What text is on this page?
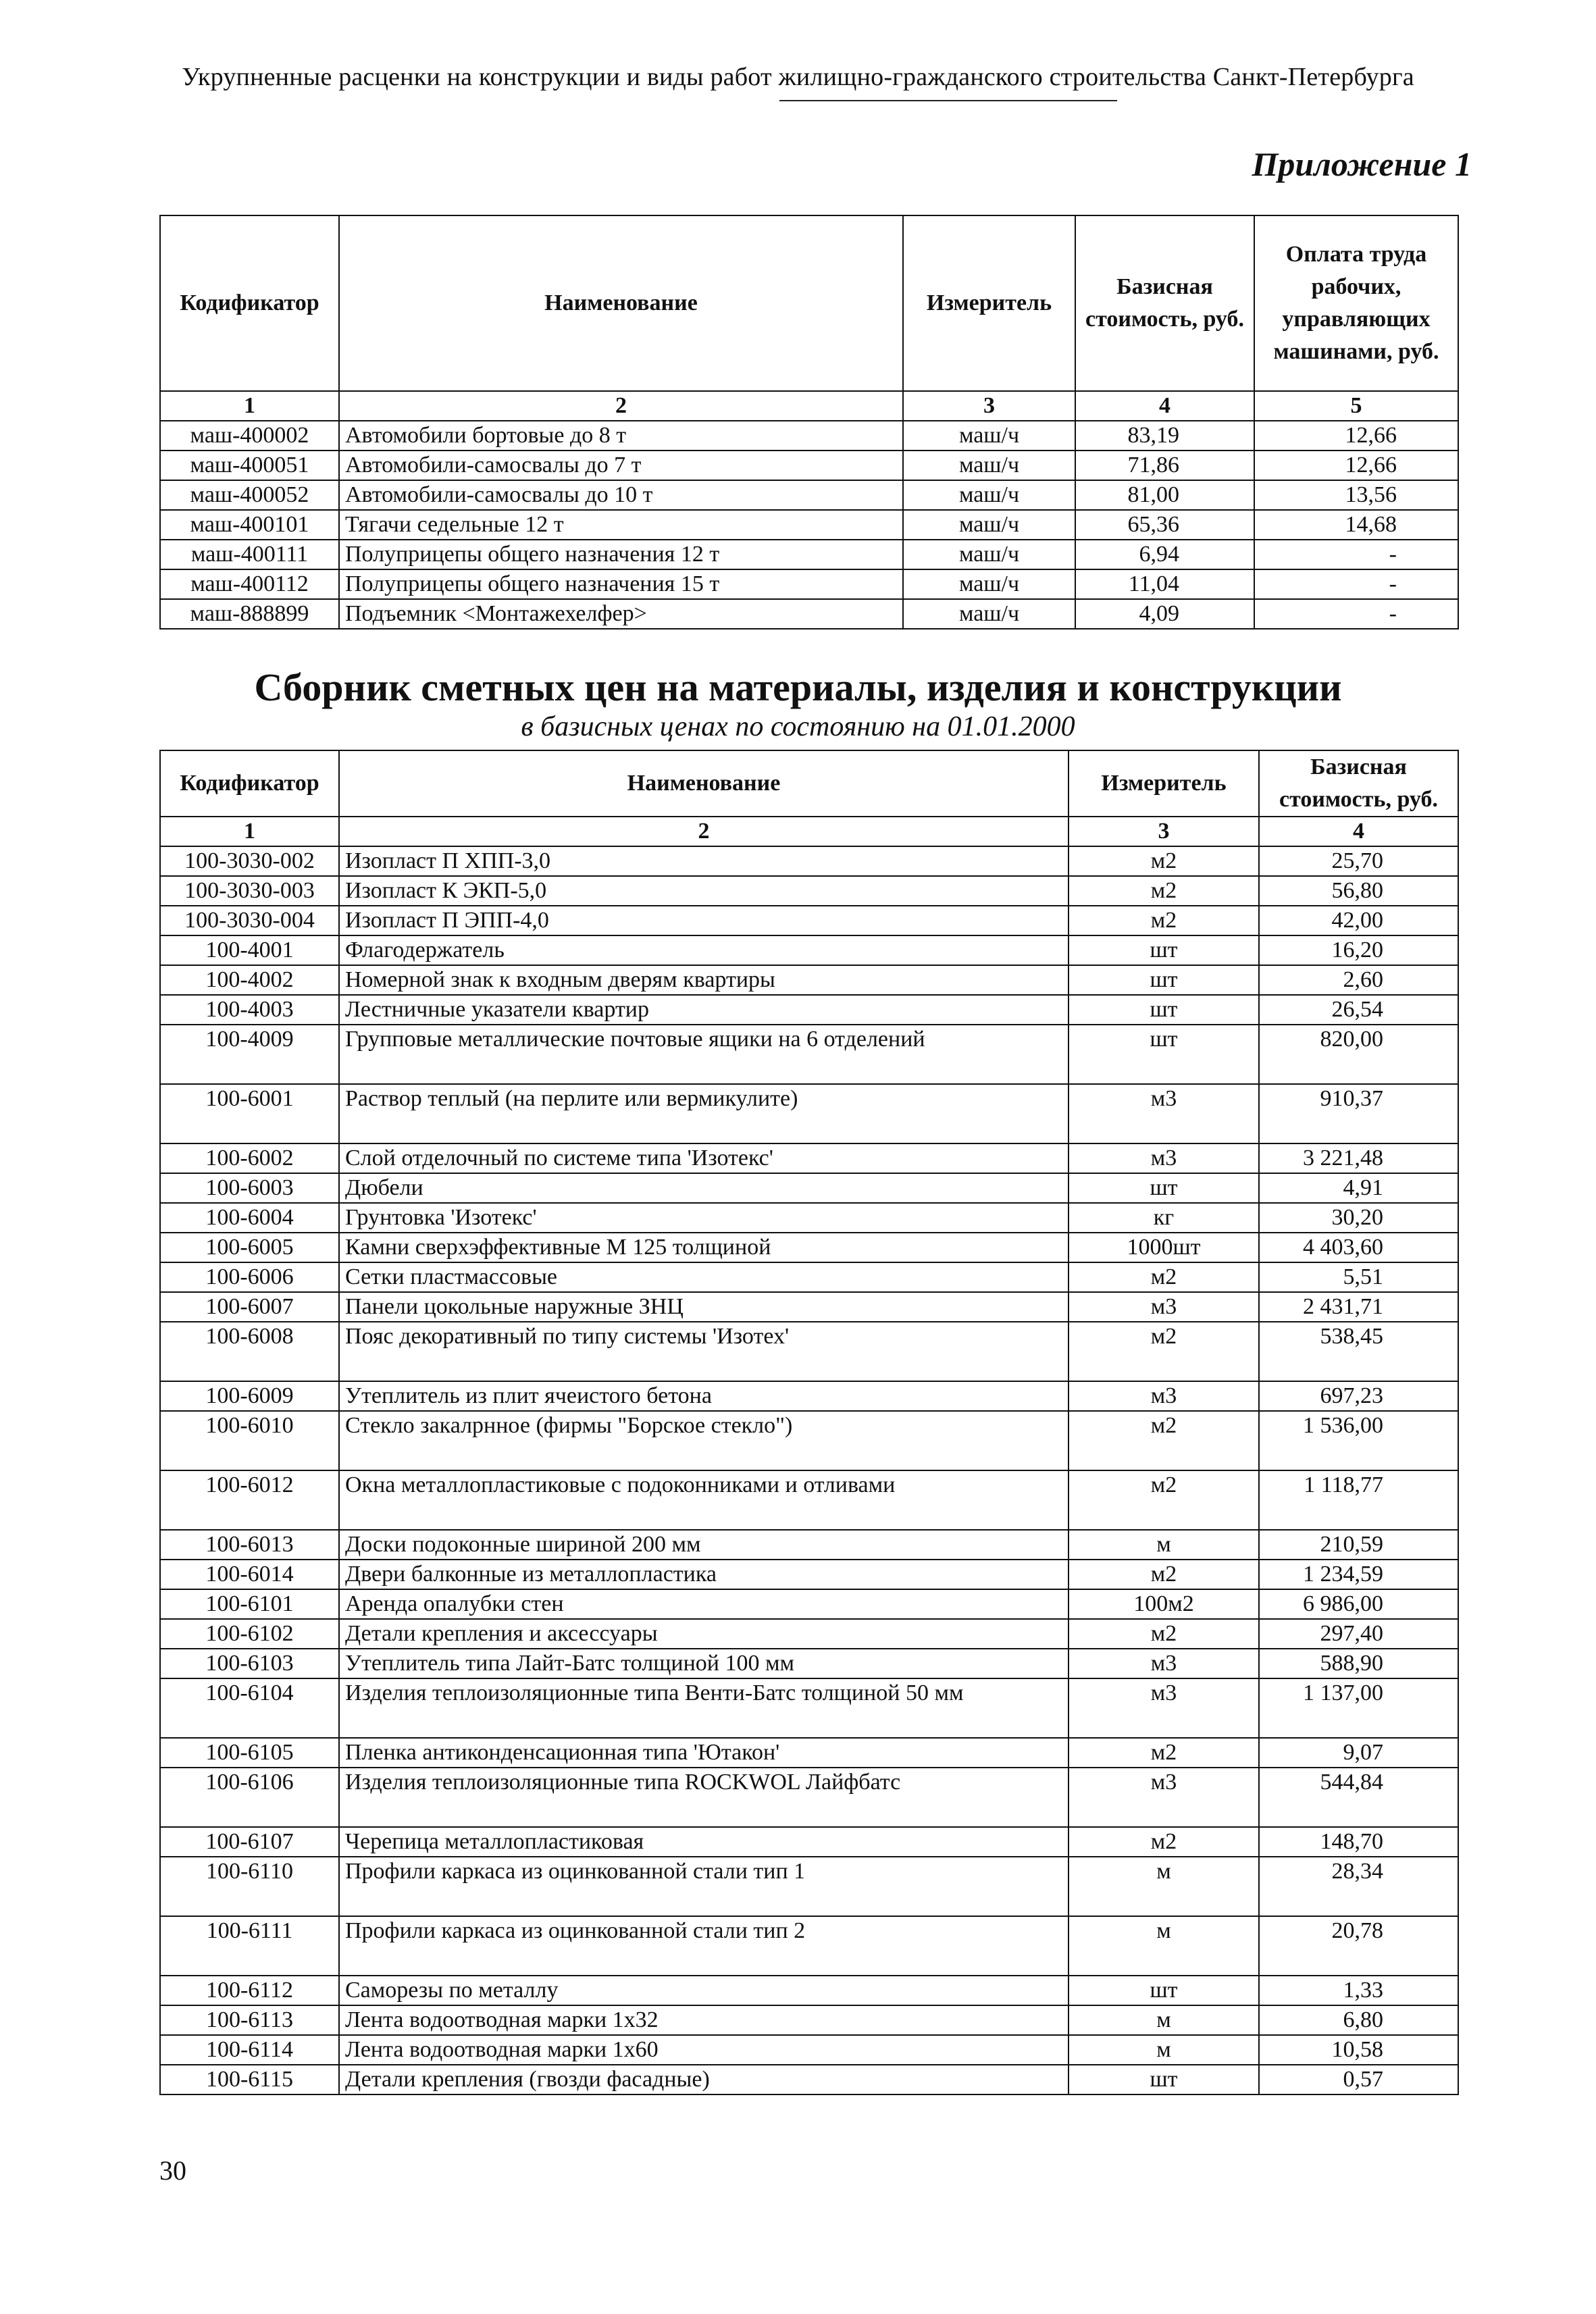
Укрупненные расценки на конструкции и виды работ жилищно-гражданского строительства Санкт-Петербурга
Приложение 1
Кодификатор	Наименование	Измеритель	Базисная стоимость, руб.	Оплата труда рабочих, управляющих машинами, руб.
1	2	3	4	5
маш-400002	Автомобили бортовые до 8 т	маш/ч	83,19	12,66
маш-400051	Автомобили-самосвалы до 7 т	маш/ч	71,86	12,66
маш-400052	Автомобили-самосвалы до 10 т	маш/ч	81,00	13,56
маш-400101	Тягачи седельные 12 т	маш/ч	65,36	14,68
маш-400111	Полуприцепы общего назначения 12 т	маш/ч	6,94	-
маш-400112	Полуприцепы общего назначения 15 т	маш/ч	11,04	-
маш-888899	Подъемник <Монтажехелфер>	маш/ч	4,09	-
Сборник сметных цен на материалы, изделия и конструкции
в базисных ценах по состоянию на 01.01.2000
Кодификатор	Наименование	Измеритель	Базисная стоимость, руб.
1	2	3	4
100-3030-002	Изопласт П ХПП-3,0	м2	25,70
100-3030-003	Изопласт К ЭКП-5,0	м2	56,80
100-3030-004	Изопласт П ЭПП-4,0	м2	42,00
100-4001	Флагодержатель	шт	16,20
100-4002	Номерной знак к входным дверям квартиры	шт	2,60
100-4003	Лестничные указатели квартир	шт	26,54
100-4009	Групповые металлические почтовые ящики на 6 отделений	шт	820,00
100-6001	Раствор теплый (на перлите или вермикулите)	м3	910,37
100-6002	Слой отделочный по системе типа 'Изотекс'	м3	3 221,48
100-6003	Дюбели	шт	4,91
100-6004	Грунтовка 'Изотекс'	кг	30,20
100-6005	Камни сверхэффективные М 125 толщиной	1000шт	4 403,60
100-6006	Сетки пластмассовые	м2	5,51
100-6007	Панели цокольные наружные ЗНЦ	м3	2 431,71
100-6008	Пояс декоративный по типу системы 'Изотех'	м2	538,45
100-6009	Утеплитель из плит ячеистого бетона	м3	697,23
100-6010	Стекло закалрнное (фирмы "Борское стекло")	м2	1 536,00
100-6012	Окна металлопластиковые с подоконниками и отливами	м2	1 118,77
100-6013	Доски подоконные шириной 200 мм	м	210,59
100-6014	Двери балконные из металлопластика	м2	1 234,59
100-6101	Аренда опалубки стен	100м2	6 986,00
100-6102	Детали крепления и аксессуары	м2	297,40
100-6103	Утеплитель типа Лайт-Батс толщиной 100 мм	м3	588,90
100-6104	Изделия теплоизоляционные типа Венти-Батс толщиной 50 мм	м3	1 137,00
100-6105	Пленка антиконденсационная типа 'Ютакон'	м2	9,07
100-6106	Изделия теплоизоляционные типа ROCKWOL Лайфбатс	м3	544,84
100-6107	Черепица металлопластиковая	м2	148,70
100-6110	Профили каркаса из оцинкованной стали тип 1	м	28,34
100-6111	Профили каркаса из оцинкованной стали тип 2	м	20,78
100-6112	Саморезы по металлу	шт	1,33
100-6113	Лента водоотводная марки 1х32	м	6,80
100-6114	Лента водоотводная марки 1х60	м	10,58
100-6115	Детали крепления (гвозди фасадные)	шт	0,57
30
